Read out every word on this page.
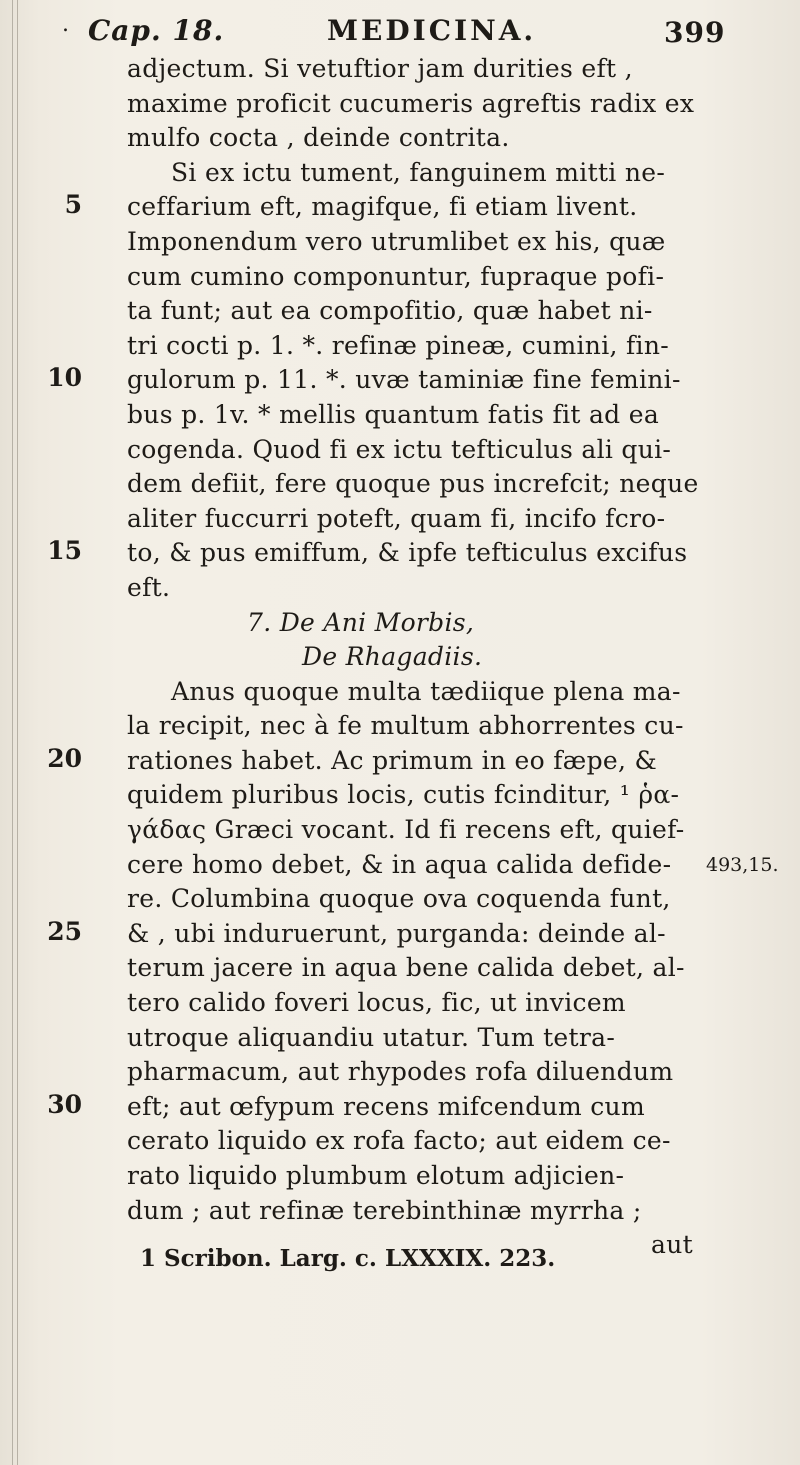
. Cap. 18.	MEDICINA.	399
adjectum. Si vetuftior jam durities eft ,
maxime proficit cucumeris agreftis radix ex
mulfo cocta , deinde contrita.
Si ex ictu tument, fanguinem mitti ne-
ceffarium eft, magifque, fi etiam livent.
Imponendum vero utrumlibet ex his, quæ
cum cumino componuntur, fupraque pofi-
ta funt; aut ea compofitio, quæ habet ni-
tri cocti p. 1. *. refinæ pineæ, cumini, fin-
gulorum p. 11. *. uvæ taminiæ fine femini-
bus p. 1v. * mellis quantum fatis fit ad ea
cogenda. Quod fi ex ictu tefticulus ali qui-
dem defiit, fere quoque pus increfcit; neque
aliter fuccurri poteft, quam fi, incifo fcro-
to, & pus emiffum, & ipfe tefticulus excifus
eft.
7. De Ani Morbis,
De Rhagadiis.
Anus quoque multa tædiique plena ma-
la recipit, nec à fe multum abhorrentes cu-
rationes habet. Ac primum in eo fæpe, &
quidem pluribus locis, cutis fcinditur, ¹ ῥα-
γάδας Græci vocant. Id fi recens eft, quief-
cere homo debet, & in aqua calida defide-
re. Columbina quoque ova coquenda funt,
& , ubi induruerunt, purganda: deinde al-
terum jacere in aqua bene calida debet, al-
tero calido foveri locus, fic, ut invicem
utroque aliquandiu utatur. Tum tetra-
pharmacum, aut rhypodes rofa diluendum
eft; aut œfypum recens mifcendum cum
cerato liquido ex rofa facto; aut eidem ce-
rato liquido plumbum elotum adjicien-
dum ; aut refinæ terebinthinæ myrrha ;
aut
5
10
15
20
25
30
493,15.
1 Scribon. Larg. c. LXXXIX. 223.
